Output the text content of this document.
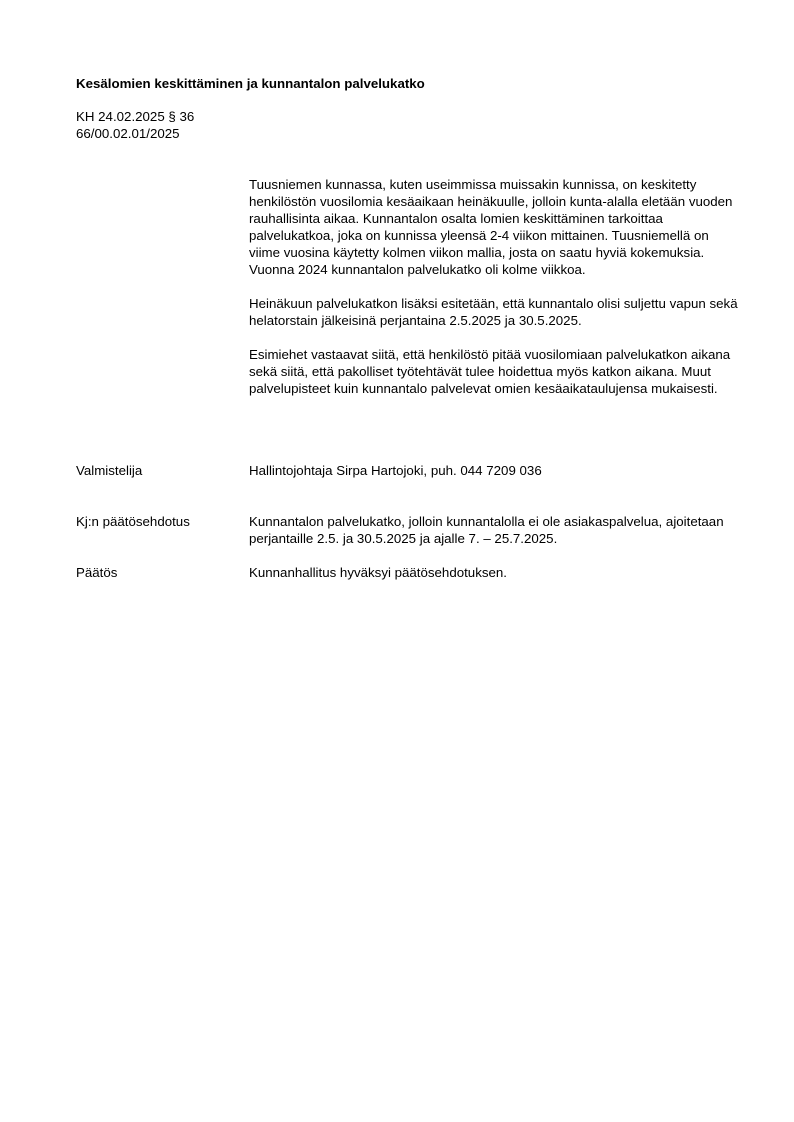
Kesälomien keskittäminen ja kunnantalon palvelukatko
KH 24.02.2025 § 36
66/00.02.01/2025

Tuusniemen kunnassa, kuten useimmissa muissakin kunnissa, on keskitetty henkilöstön vuosilomia kesäaikaan heinäkuulle, jolloin kunta-alalla eletään vuoden rauhallisinta aikaa. Kunnantalon osalta lomien keskittäminen tarkoittaa palvelukatkoa, joka on kunnissa yleensä 2-4 viikon mittainen. Tuusniemellä on viime vuosina käytetty kolmen viikon mallia, josta on saatu hyviä kokemuksia. Vuonna 2024 kunnantalon palvelukatko oli kolme viikkoa.

Heinäkuun palvelukatkon lisäksi esitetään, että kunnantalo olisi suljettu vapun sekä helatorstain jälkeisinä perjantaina 2.5.2025 ja 30.5.2025.

Esimiehet vastaavat siitä, että henkilöstö pitää vuosilomiaan palvelukatkon aikana sekä siitä, että pakolliset työtehtävät tulee hoidettua myös katkon aikana. Muut palvelupisteet kuin kunnantalo palvelevat omien kesäaikataulujensa mukaisesti.

Valmistelija	Hallintojohtaja Sirpa Hartojoki, puh. 044 7209 036
Kj:n päätösehdotus	Kunnantalon palvelukatko, jolloin kunnantalolla ei ole asiakaspalvelua, ajoitetaan perjantaille 2.5. ja 30.5.2025 ja ajalle 7. – 25.7.2025.
Päätös	Kunnanhallitus hyväksyi päätösehdotuksen.
